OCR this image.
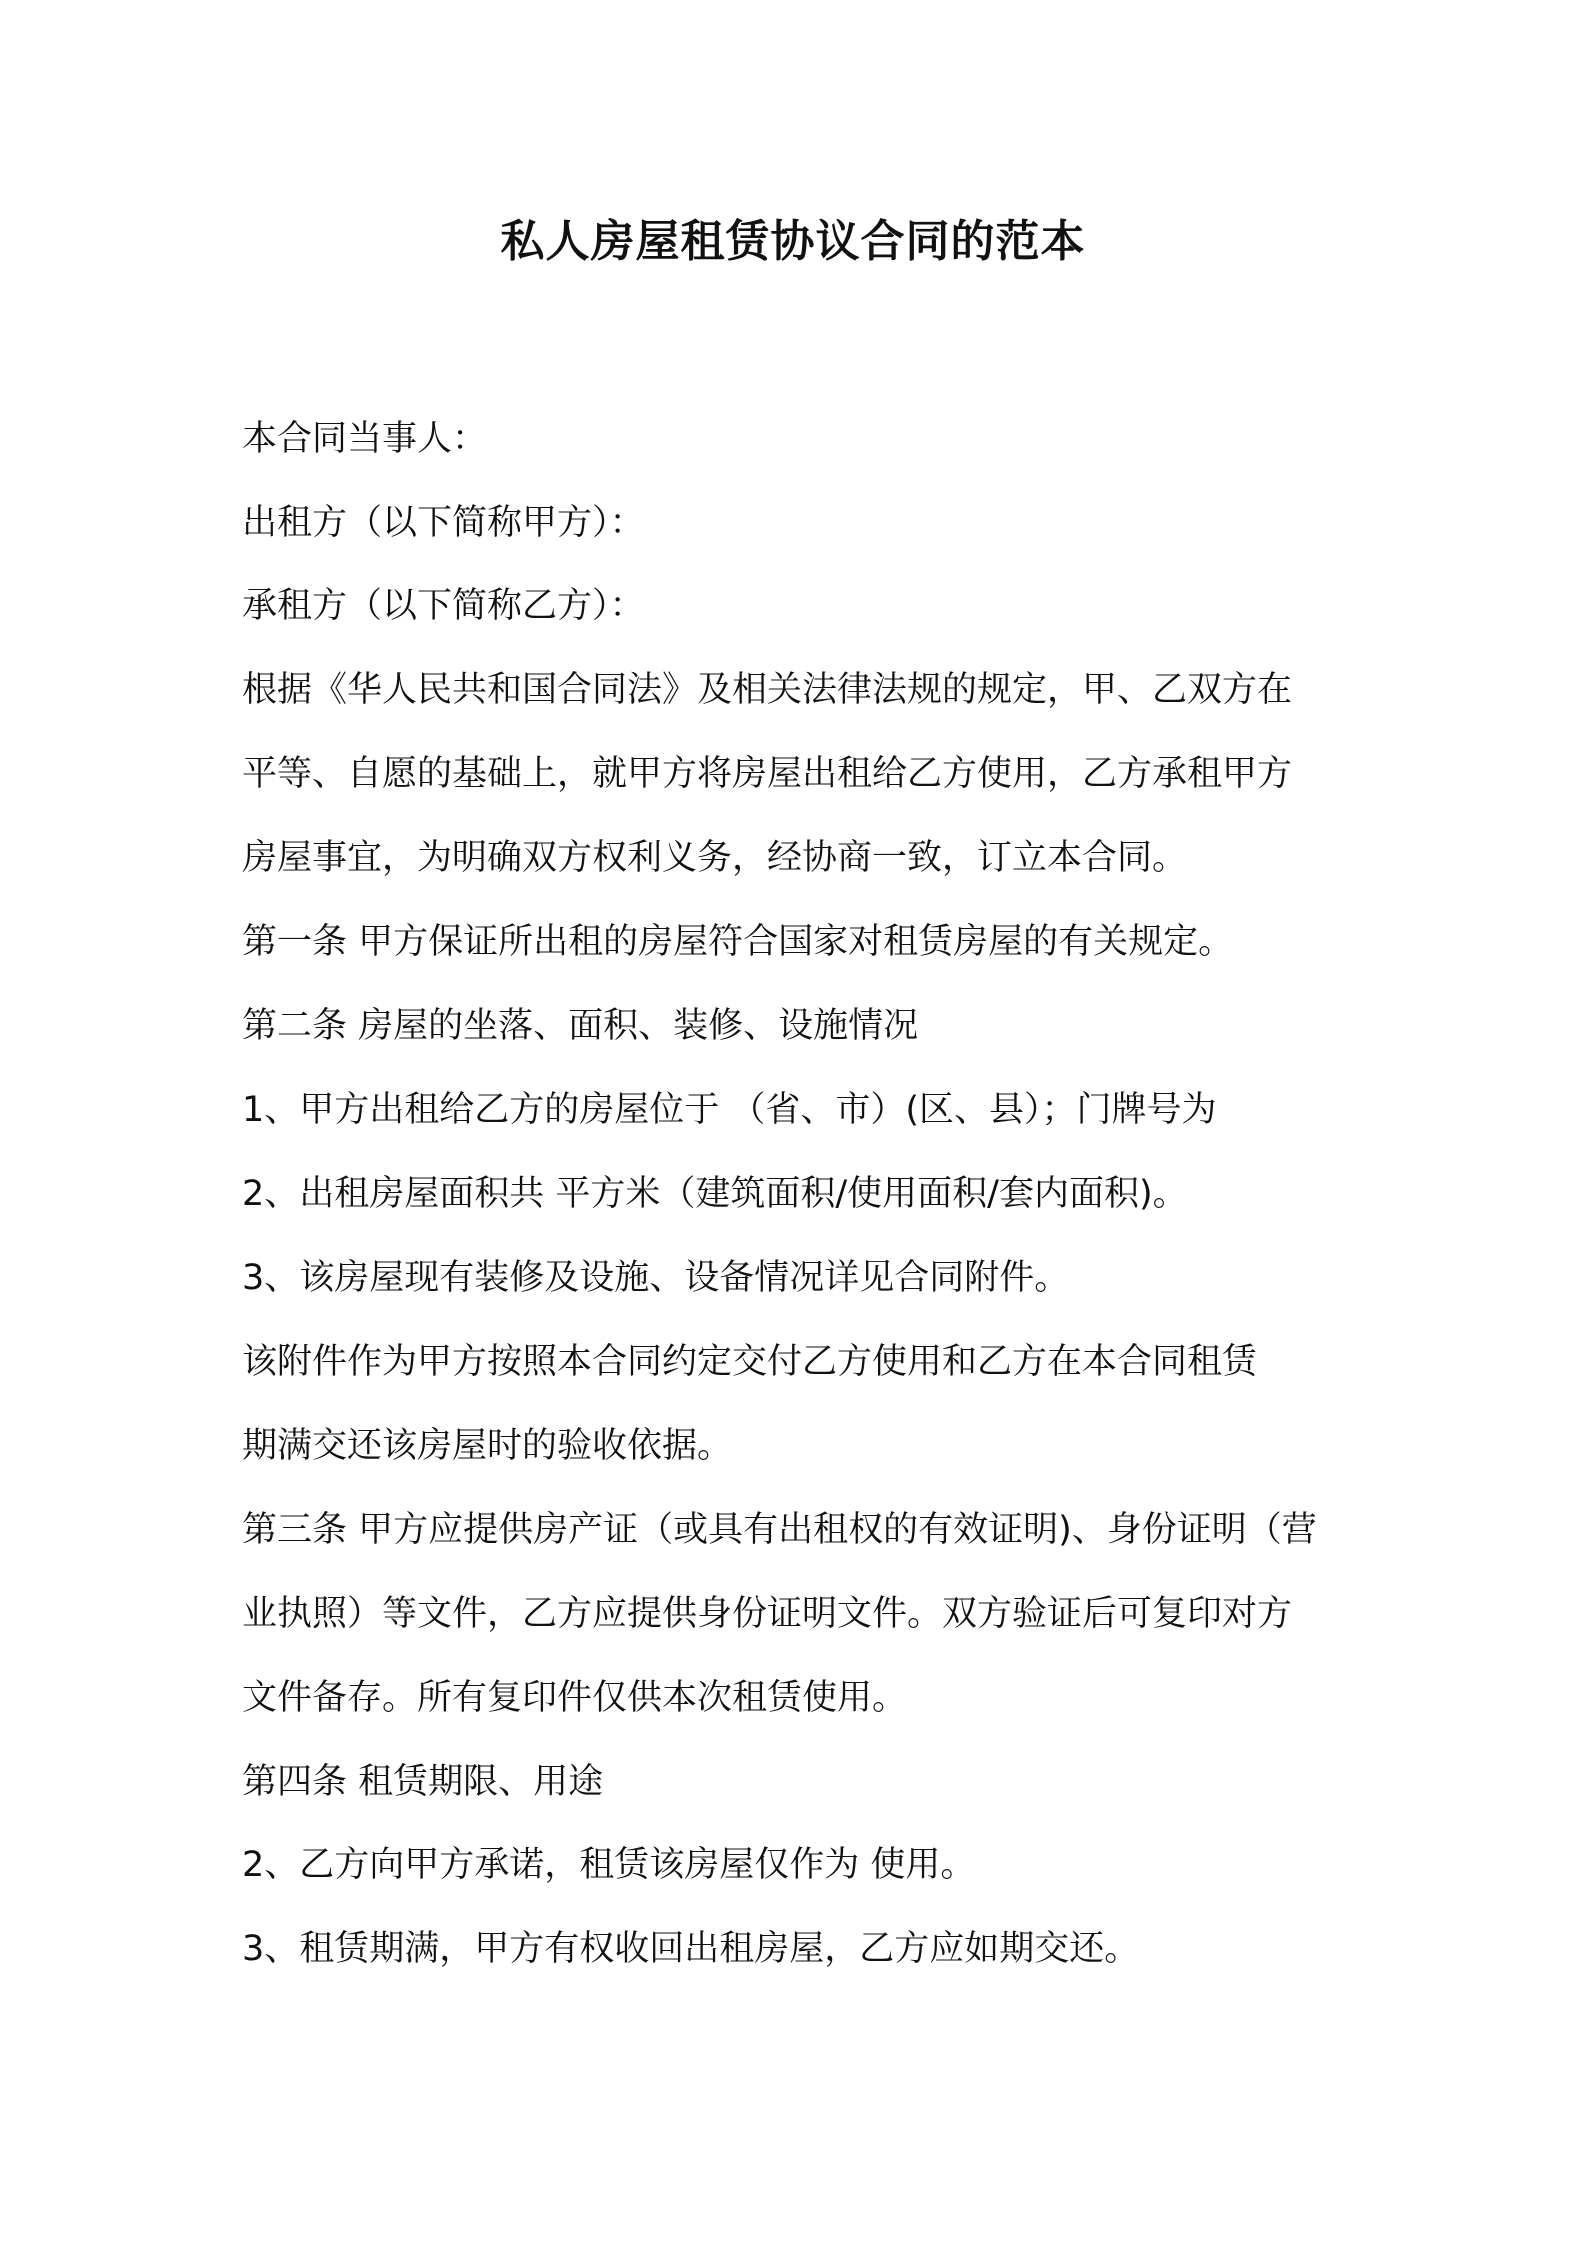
私人房屋租赁协议合同的范本
本合同当事人：
出租方（以下简称甲方）：
承租方（以下简称乙方）：
根据《华人民共和国合同法》及相关法律法规的规定，甲、乙双方在
平等、自愿的基础上，就甲方将房屋出租给乙方使用，乙方承租甲方
房屋事宜，为明确双方权利义务，经协商一致，订立本合同。
第一条 甲方保证所出租的房屋符合国家对租赁房屋的有关规定。
第二条 房屋的坐落、面积、装修、设施情况
1、甲方出租给乙方的房屋位于 （省、市）(区、县）；门牌号为
2、出租房屋面积共 平方米（建筑面积/使用面积/套内面积)。
3、该房屋现有装修及设施、设备情况详见合同附件。
该附件作为甲方按照本合同约定交付乙方使用和乙方在本合同租赁
期满交还该房屋时的验收依据。
第三条 甲方应提供房产证（或具有出租权的有效证明)、身份证明（营
业执照）等文件，乙方应提供身份证明文件。双方验证后可复印对方
文件备存。所有复印件仅供本次租赁使用。
第四条 租赁期限、用途
2、乙方向甲方承诺，租赁该房屋仅作为 使用。
3、租赁期满，甲方有权收回出租房屋，乙方应如期交还。
